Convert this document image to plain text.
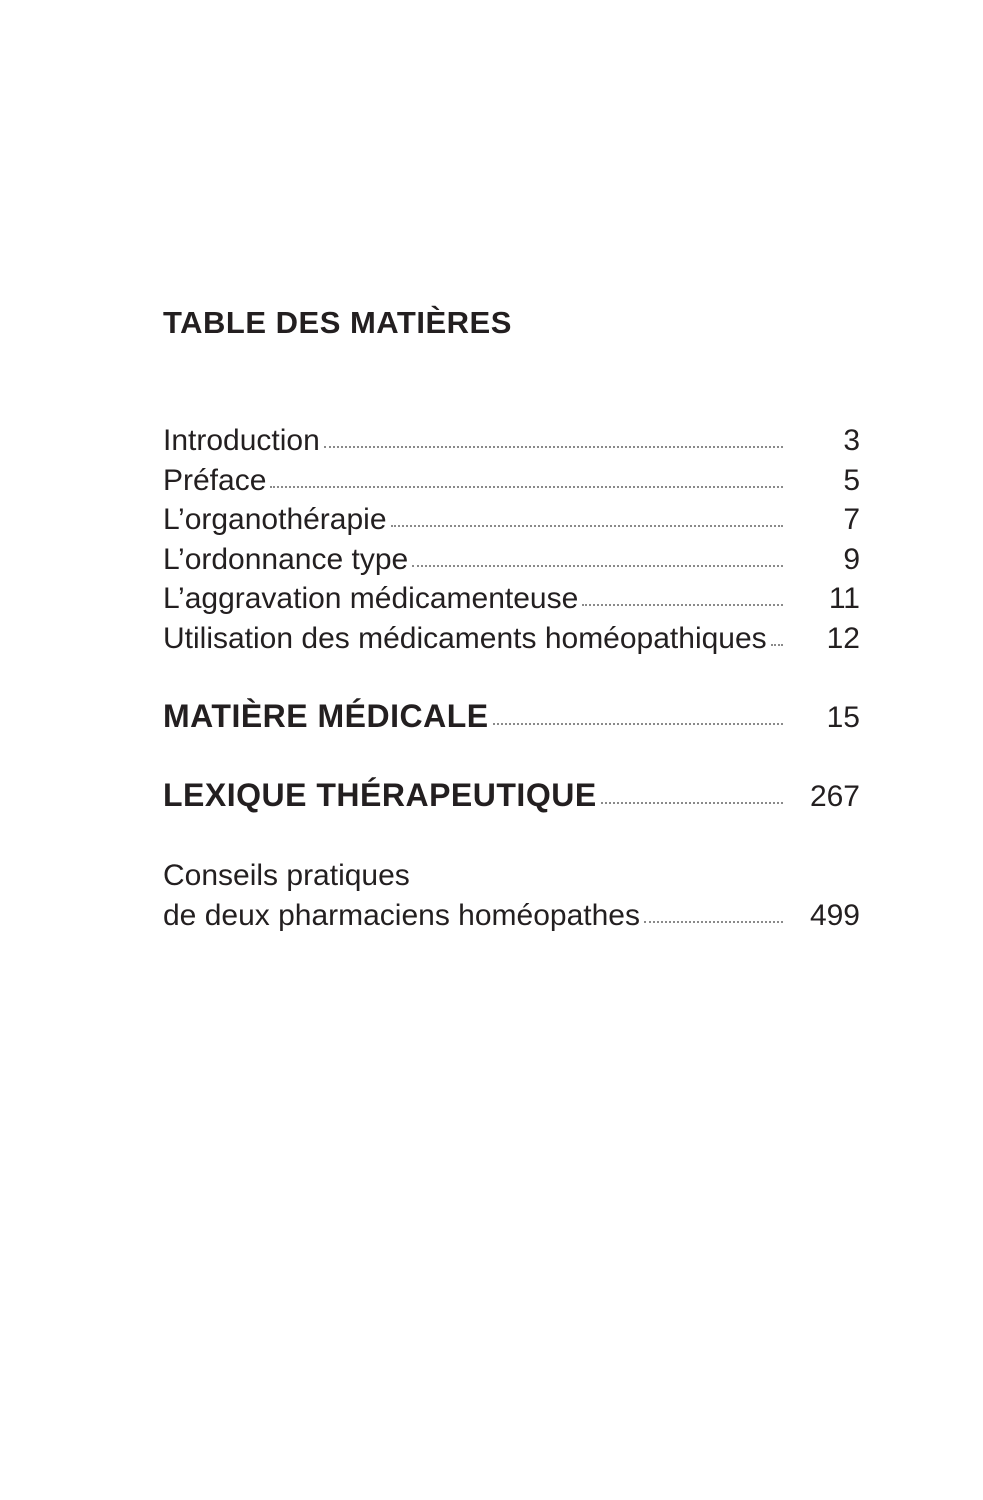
TABLE DES MATIÈRES
Introduction	3
Préface	5
L’organothérapie	7
L’ordonnance type	9
L’aggravation médicamenteuse	11
Utilisation des médicaments homéopathiques	12
MATIÈRE MÉDICALE	15
LEXIQUE THÉRAPEUTIQUE	267

Conseils pratiques

de deux pharmaciens homéopathes	499
